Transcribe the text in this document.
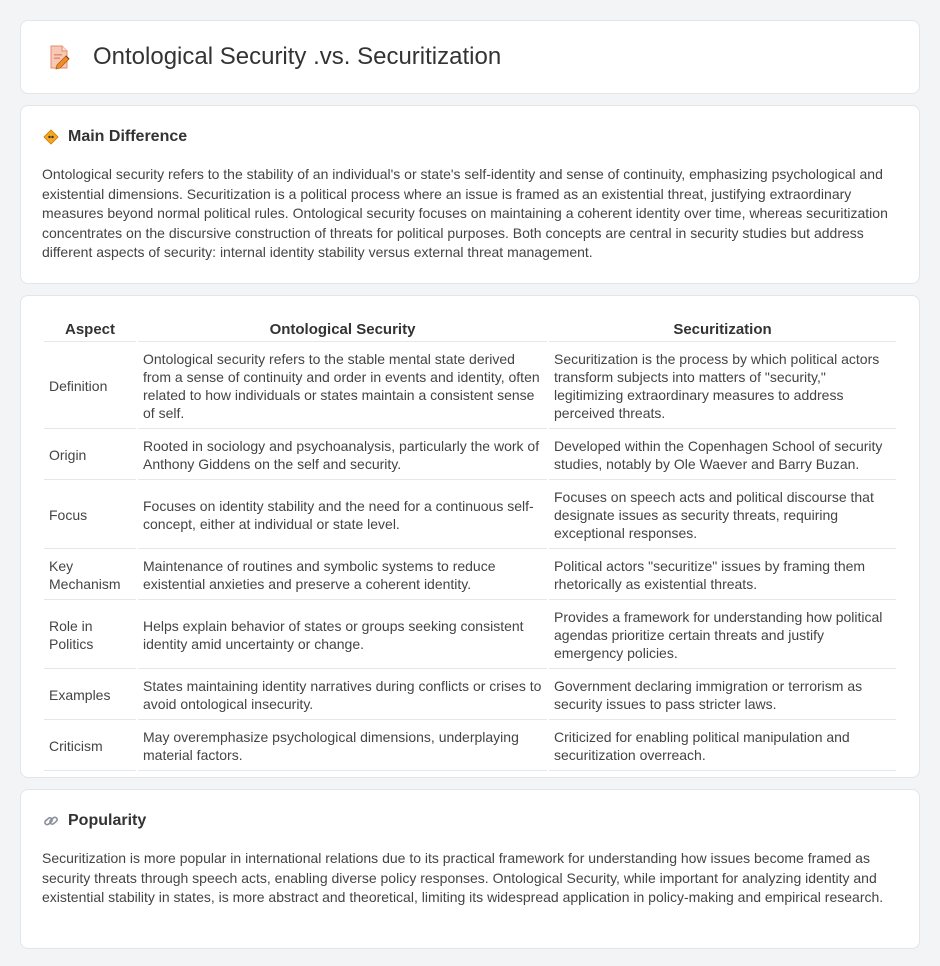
Ontological Security .vs. Securitization
Main Difference

Ontological security refers to the stability of an individual's or state's self-identity and sense of continuity, emphasizing psychological and existential dimensions. Securitization is a political process where an issue is framed as an existential threat, justifying extraordinary measures beyond normal political rules. Ontological security focuses on maintaining a coherent identity over time, whereas securitization concentrates on the discursive construction of threats for political purposes. Both concepts are central in security studies but address different aspects of security: internal identity stability versus external threat management.

Aspect	Ontological Security	Securitization
Definition	Ontological security refers to the stable mental state derived from a sense of continuity and order in events and identity, often related to how individuals or states maintain a consistent sense of self.	Securitization is the process by which political actors transform subjects into matters of "security," legitimizing extraordinary measures to address perceived threats.
Origin	Rooted in sociology and psychoanalysis, particularly the work of Anthony Giddens on the self and security.	Developed within the Copenhagen School of security studies, notably by Ole Waever and Barry Buzan.
Focus	Focuses on identity stability and the need for a continuous self-concept, either at individual or state level.	Focuses on speech acts and political discourse that designate issues as security threats, requiring exceptional responses.
Key Mechanism	Maintenance of routines and symbolic systems to reduce existential anxieties and preserve a coherent identity.	Political actors "securitize" issues by framing them rhetorically as existential threats.
Role in Politics	Helps explain behavior of states or groups seeking consistent identity amid uncertainty or change.	Provides a framework for understanding how political agendas prioritize certain threats and justify emergency policies.
Examples	States maintaining identity narratives during conflicts or crises to avoid ontological insecurity.	Government declaring immigration or terrorism as security issues to pass stricter laws.
Criticism	May overemphasize psychological dimensions, underplaying material factors.	Criticized for enabling political manipulation and securitization overreach.
Popularity

Securitization is more popular in international relations due to its practical framework for understanding how issues become framed as security threats through speech acts, enabling diverse policy responses. Ontological Security, while important for analyzing identity and existential stability in states, is more abstract and theoretical, limiting its widespread application in policy-making and empirical research.
